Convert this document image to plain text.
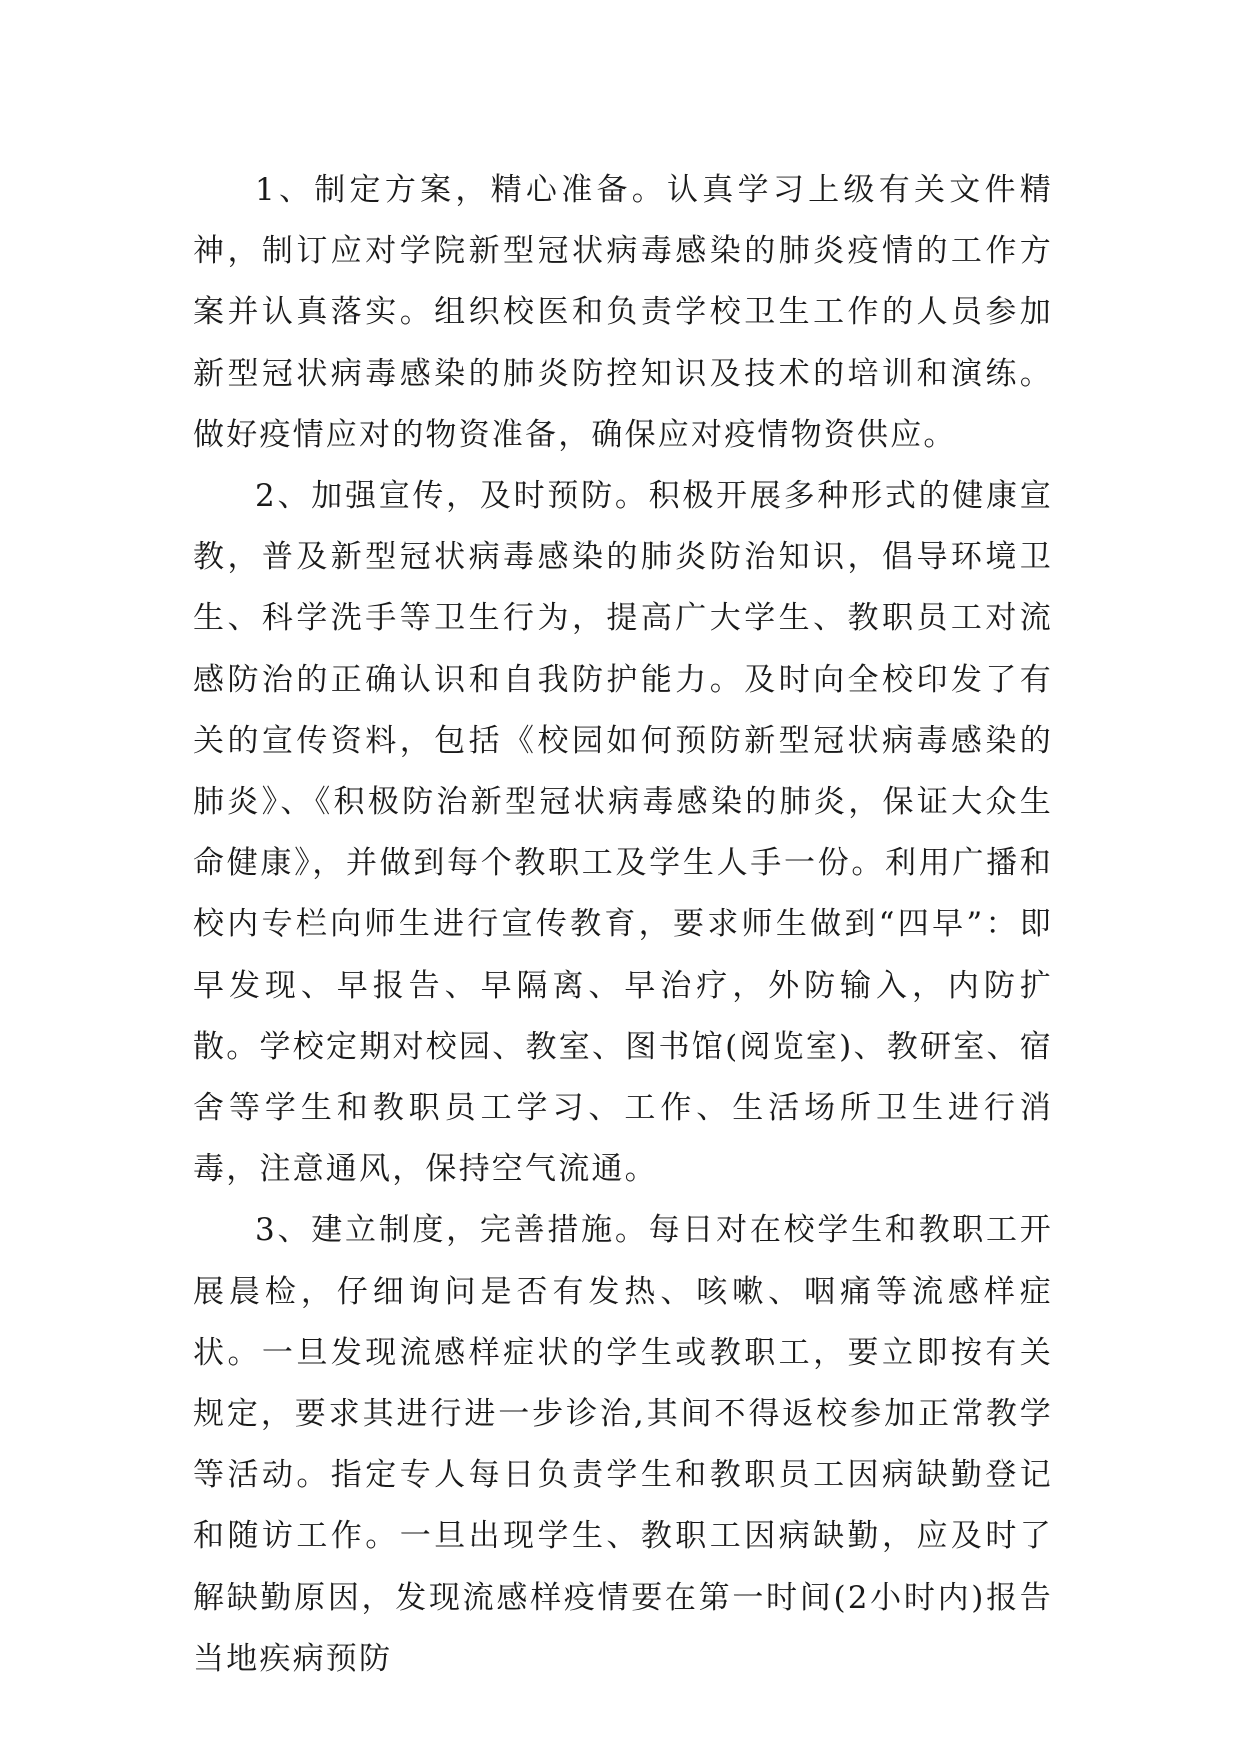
1、制定方案，精心准备。认真学习上级有关文件精神，制订应对学院新型冠状病毒感染的肺炎疫情的工作方案并认真落实。组织校医和负责学校卫生工作的人员参加新型冠状病毒感染的肺炎防控知识及技术的培训和演练。做好疫情应对的物资准备，确保应对疫情物资供应。

2、加强宣传，及时预防。积极开展多种形式的健康宣教，普及新型冠状病毒感染的肺炎防治知识，倡导环境卫生、科学洗手等卫生行为，提高广大学生、教职员工对流感防治的正确认识和自我防护能力。及时向全校印发了有关的宣传资料，包括《校园如何预防新型冠状病毒感染的肺炎》、《积极防治新型冠状病毒感染的肺炎，保证大众生命健康》，并做到每个教职工及学生人手一份。利用广播和校内专栏向师生进行宣传教育，要求师生做到“四早”：即早发现、早报告、早隔离、早治疗，外防输入，内防扩散。学校定期对校园、教室、图书馆(阅览室)、教研室、宿舍等学生和教职员工学习、工作、生活场所卫生进行消毒，注意通风，保持空气流通。

3、建立制度，完善措施。每日对在校学生和教职工开展晨检，仔细询问是否有发热、咳嗽、咽痛等流感样症状。一旦发现流感样症状的学生或教职工，要立即按有关规定，要求其进行进一步诊治,其间不得返校参加正常教学等活动。指定专人每日负责学生和教职员工因病缺勤登记和随访工作。一旦出现学生、教职工因病缺勤，应及时了解缺勤原因，发现流感样疫情要在第一时间(2小时内)报告当地疾病预防
